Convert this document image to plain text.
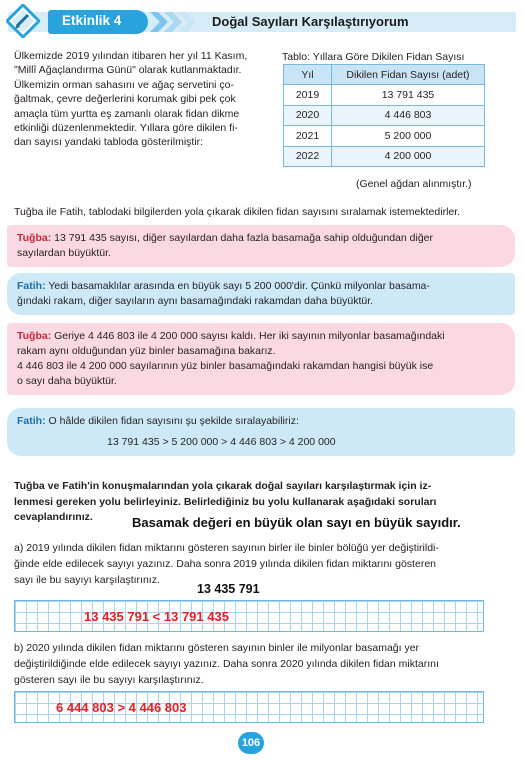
Etkinlik 4	Doğal Sayıları Karşılaştırıyorum
Ülkemizde 2019 yılından itibaren her yıl 11 Kasım,
"Millî Ağaçlandırma Günü" olarak kutlanmaktadır.
Ülkemizin orman sahasını ve ağaç servetini ço-
ğaltmak, çevre değerlerini korumak gibi pek çok
amaçla tüm yurtta eş zamanlı olarak fidan dikme
etkinliği düzenlenmektedir. Yıllara göre dikilen fi-
dan sayısı yandaki tabloda gösterilmiştir:
Tablo: Yıllara Göre Dikilen Fidan Sayısı
Yıl	Dikilen Fidan Sayısı (adet)
2019	13 791 435
2020	4 446 803
2021	5 200 000
2022	4 200 000
(Genel ağdan alınmıştır.)
Tuğba ile Fatih, tablodaki bilgilerden yola çıkarak dikilen fidan sayısını sıralamak istemektedirler.
Tuğba: 13 791 435 sayısı, diğer sayılardan daha fazla basamağa sahip olduğundan diğer
sayılardan büyüktür.
Fatih: Yedi basamaklılar arasında en büyük sayı 5 200 000'dir. Çünkü milyonlar basama-
ğındaki rakam, diğer sayıların aynı basamağındaki rakamdan daha büyüktür.
Tuğba: Geriye 4 446 803 ile 4 200 000 sayısı kaldı. Her iki sayının milyonlar basamağındaki
rakam aynı olduğundan yüz binler basamağına bakarız.
4 446 803 ile 4 200 000 sayılarının yüz binler basamağındaki rakamdan hangisi büyük ise
o sayı daha büyüktür.
Fatih: O hâlde dikilen fidan sayısını şu şekilde sıralayabiliriz:
13 791 435 > 5 200 000 > 4 446 803 > 4 200 000
Tuğba ve Fatih'in konuşmalarından yola çıkarak doğal sayıları karşılaştırmak için iz-
lenmesi gereken yolu belirleyiniz. Belirlediğiniz bu yolu kullanarak aşağıdaki soruları
cevaplandırınız.	Basamak değeri en büyük olan sayı en büyük sayıdır.
a) 2019 yılında dikilen fidan miktarını gösteren sayının birler ile binler bölüğü yer değiştirildi-
ğinde elde edilecek sayıyı yazınız. Daha sonra 2019 yılında dikilen fidan miktarını gösteren
sayı ile bu sayıyı karşılaştırınız.
13 435 791
13 435 791 < 13 791 435
b) 2020 yılında dikilen fidan miktarını gösteren sayının binler ile milyonlar basamağı yer
değiştirildiğinde elde edilecek sayıyı yazınız. Daha sonra 2020 yılında dikilen fidan miktarını
gösteren sayı ile bu sayıyı karşılaştırınız.
6 444 803 > 4 446 803
106
